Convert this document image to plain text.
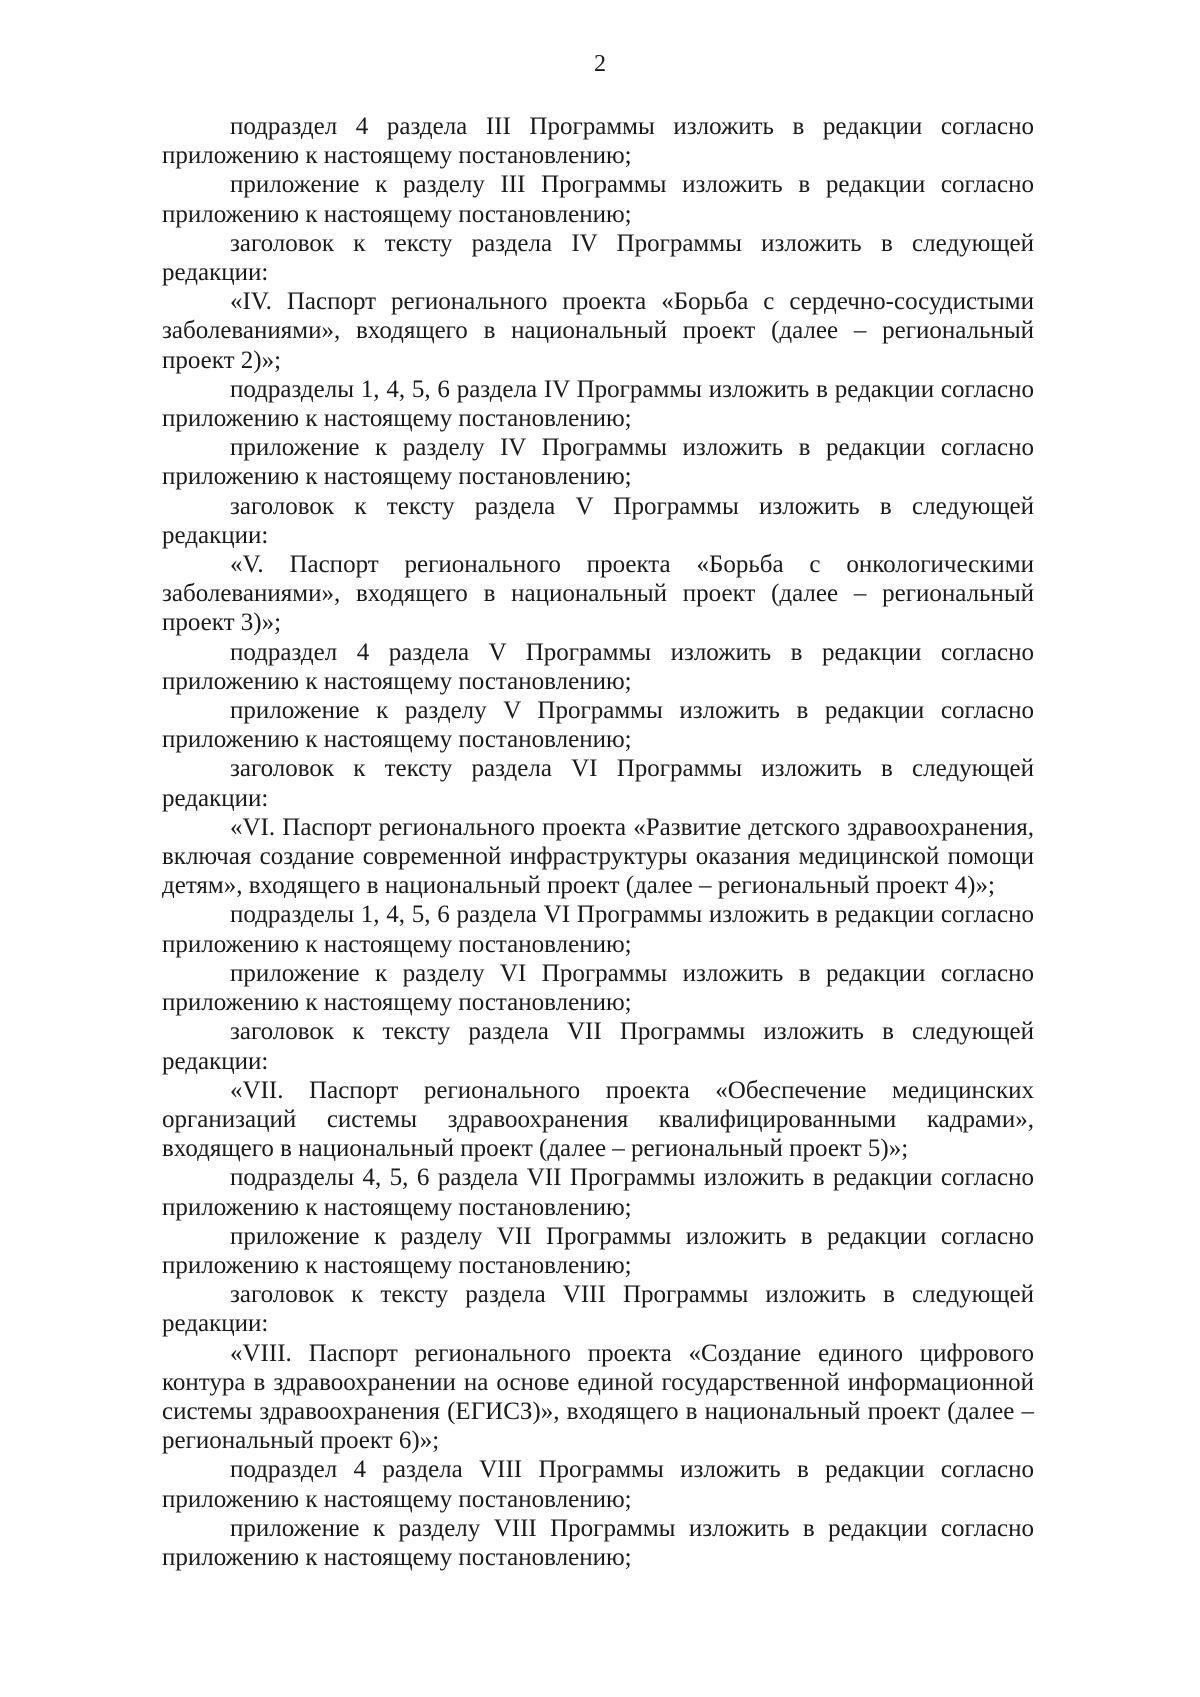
2

подраздел 4 раздела III Программы изложить в редакции согласно приложению к настоящему постановлению;

приложение к разделу III Программы изложить в редакции согласно приложению к настоящему постановлению;

заголовок к тексту раздела IV Программы изложить в следующей редакции:

«IV. Паспорт регионального проекта «Борьба с сердечно-сосудистыми заболеваниями», входящего в национальный проект (далее – региональный проект 2)»;

подразделы 1, 4, 5, 6 раздела IV Программы изложить в редакции согласно приложению к настоящему постановлению;

приложение к разделу IV Программы изложить в редакции согласно приложению к настоящему постановлению;

заголовок к тексту раздела V Программы изложить в следующей редакции:

«V. Паспорт регионального проекта «Борьба с онкологическими заболеваниями», входящего в национальный проект (далее – региональный проект 3)»;

подраздел 4 раздела V Программы изложить в редакции согласно приложению к настоящему постановлению;

приложение к разделу V Программы изложить в редакции согласно приложению к настоящему постановлению;

заголовок к тексту раздела VI Программы изложить в следующей редакции:

«VI. Паспорт регионального проекта «Развитие детского здравоохранения, включая создание современной инфраструктуры оказания медицинской помощи детям», входящего в национальный проект (далее – региональный проект 4)»;

подразделы 1, 4, 5, 6 раздела VI Программы изложить в редакции согласно приложению к настоящему постановлению;

приложение к разделу VI Программы изложить в редакции согласно приложению к настоящему постановлению;

заголовок к тексту раздела VII Программы изложить в следующей редакции:

«VII. Паспорт регионального проекта «Обеспечение медицинских организаций системы здравоохранения квалифицированными кадрами», входящего в национальный проект (далее – региональный проект 5)»;

подразделы 4, 5, 6 раздела VII Программы изложить в редакции согласно приложению к настоящему постановлению;

приложение к разделу VII Программы изложить в редакции согласно приложению к настоящему постановлению;

заголовок к тексту раздела VIII Программы изложить в следующей редакции:

«VIII. Паспорт регионального проекта «Создание единого цифрового контура в здравоохранении на основе единой государственной информационной системы здравоохранения (ЕГИСЗ)», входящего в национальный проект (далее – региональный проект 6)»;

подраздел 4 раздела VIII Программы изложить в редакции согласно приложению к настоящему постановлению;

приложение к разделу VIII Программы изложить в редакции согласно приложению к настоящему постановлению;
